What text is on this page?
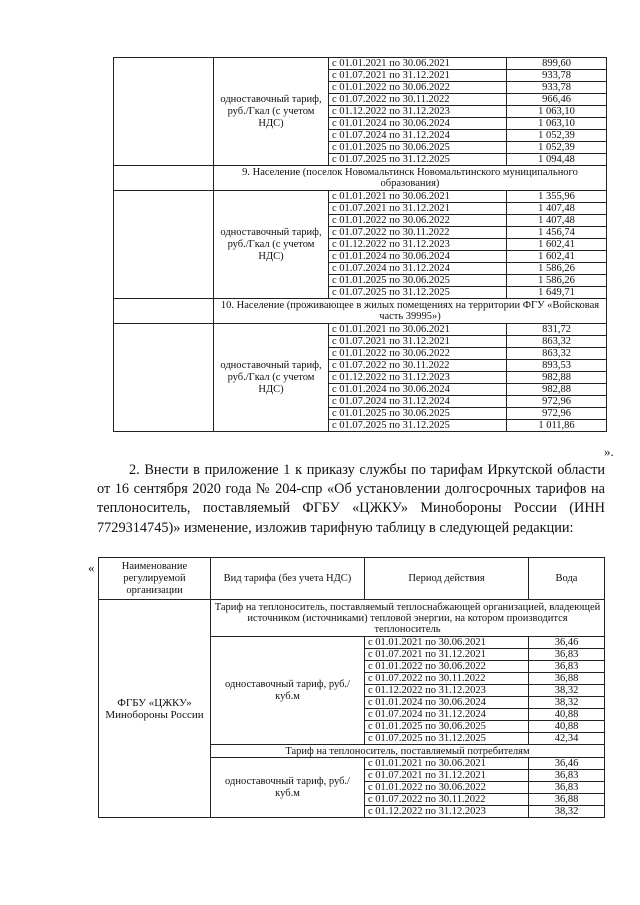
	одноставочный тариф, руб./Гкал (с учетом НДС)	с 01.01.2021 по 30.06.2021	899,60
		с 01.07.2021 по 31.12.2021	933,78
		с 01.01.2022 по 30.06.2022	933,78
		с 01.07.2022 по 30.11.2022	966,46
		с 01.12.2022 по 31.12.2023	1 063,10
		с 01.01.2024 по 30.06.2024	1 063,10
		с 01.07.2024 по 31.12.2024	1 052,39
		с 01.01.2025 по 30.06.2025	1 052,39
		с 01.07.2025 по 31.12.2025	1 094,48
	9. Население (поселок Новомальтинск Новомальтинского муниципального образования)		
	одноставочный тариф, руб./Гкал (с учетом НДС)	с 01.01.2021 по 30.06.2021	1 355,96
		с 01.07.2021 по 31.12.2021	1 407,48
		с 01.01.2022 по 30.06.2022	1 407,48
		с 01.07.2022 по 30.11.2022	1 456,74
		с 01.12.2022 по 31.12.2023	1 602,41
		с 01.01.2024 по 30.06.2024	1 602,41
		с 01.07.2024 по 31.12.2024	1 586,26
		с 01.01.2025 по 30.06.2025	1 586,26
		с 01.07.2025 по 31.12.2025	1 649,71
	10. Население (проживающее в жилых помещениях на территории ФГУ «Войсковая часть 39995»)		
	одноставочный тариф, руб./Гкал (с учетом НДС)	с 01.01.2021 по 30.06.2021	831,72
		с 01.07.2021 по 31.12.2021	863,32
		с 01.01.2022 по 30.06.2022	863,32
		с 01.07.2022 по 30.11.2022	893,53
		с 01.12.2022 по 31.12.2023	982,88
		с 01.01.2024 по 30.06.2024	982,88
		с 01.07.2024 по 31.12.2024	972,96
		с 01.01.2025 по 30.06.2025	972,96
		с 01.07.2025 по 31.12.2025	1 011,86
».
2. Внести в приложение 1 к приказу службы по тарифам Иркутской области от 16 сентября 2020 года № 204-спр «Об установлении долгосрочных тарифов на теплоноситель, поставляемый ФГБУ «ЦЖКУ» Минобороны России (ИНН 7729314745)» изменение, изложив тарифную таблицу в следующей редакции:
«	Наименование регулируемой организации	Вид тарифа (без учета НДС)	Период действия	Вода
ФГБУ «ЦЖКУ» Минобороны России	Тариф на теплоноситель, поставляемый теплоснабжающей организацией, владеющей источником (источниками) тепловой энергии, на котором производится теплоноситель		
	одноставочный тариф, руб./куб.м	с 01.01.2021 по 30.06.2021	36,46
		с 01.07.2021 по 31.12.2021	36,83
		с 01.01.2022 по 30.06.2022	36,83
		с 01.07.2022 по 30.11.2022	36,88
		с 01.12.2022 по 31.12.2023	38,32
		с 01.01.2024 по 30.06.2024	38,32
		с 01.07.2024 по 31.12.2024	40,88
		с 01.01.2025 по 30.06.2025	40,88
		с 01.07.2025 по 31.12.2025	42,34
	Тариф на теплоноситель, поставляемый потребителям		
	одноставочный тариф, руб./куб.м	с 01.01.2021 по 30.06.2021	36,46
		с 01.07.2021 по 31.12.2021	36,83
		с 01.01.2022 по 30.06.2022	36,83
		с 01.07.2022 по 30.11.2022	36,88
		с 01.12.2022 по 31.12.2023	38,32
